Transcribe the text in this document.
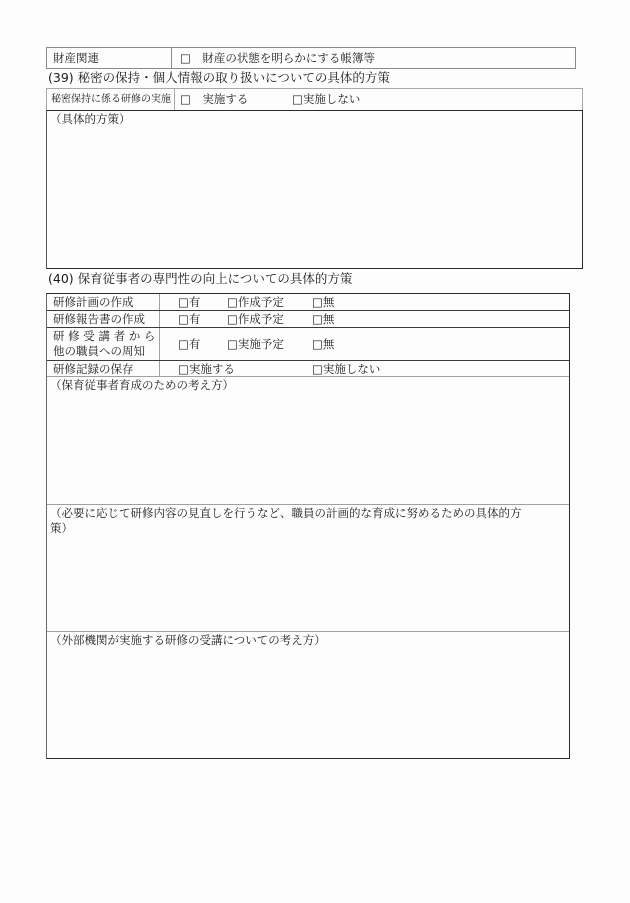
財産関連	□　財産の状態を明らかにする帳簿等
(39) 秘密の保持・個人情報の取り扱いについての具体的方策
秘密保持に係る研修の実施 □　実施する	□実施しない
（具体的方策）
(40) 保育従事者の専門性の向上についての具体的方策
研修計画の作成	□有 □作成予定 □無
研修報告書の作成	□有 □作成予定 □無
研 修 受 講 者 か ら
他の職員への周知	□有 □実施予定 □無
研修記録の保存	□実施する	□実施しない
（保育従事者育成のための考え方）
（必要に応じて研修内容の見直しを行うなど、職員の計画的な育成に努めるための具体的方
策）
（外部機関が実施する研修の受講についての考え方）
